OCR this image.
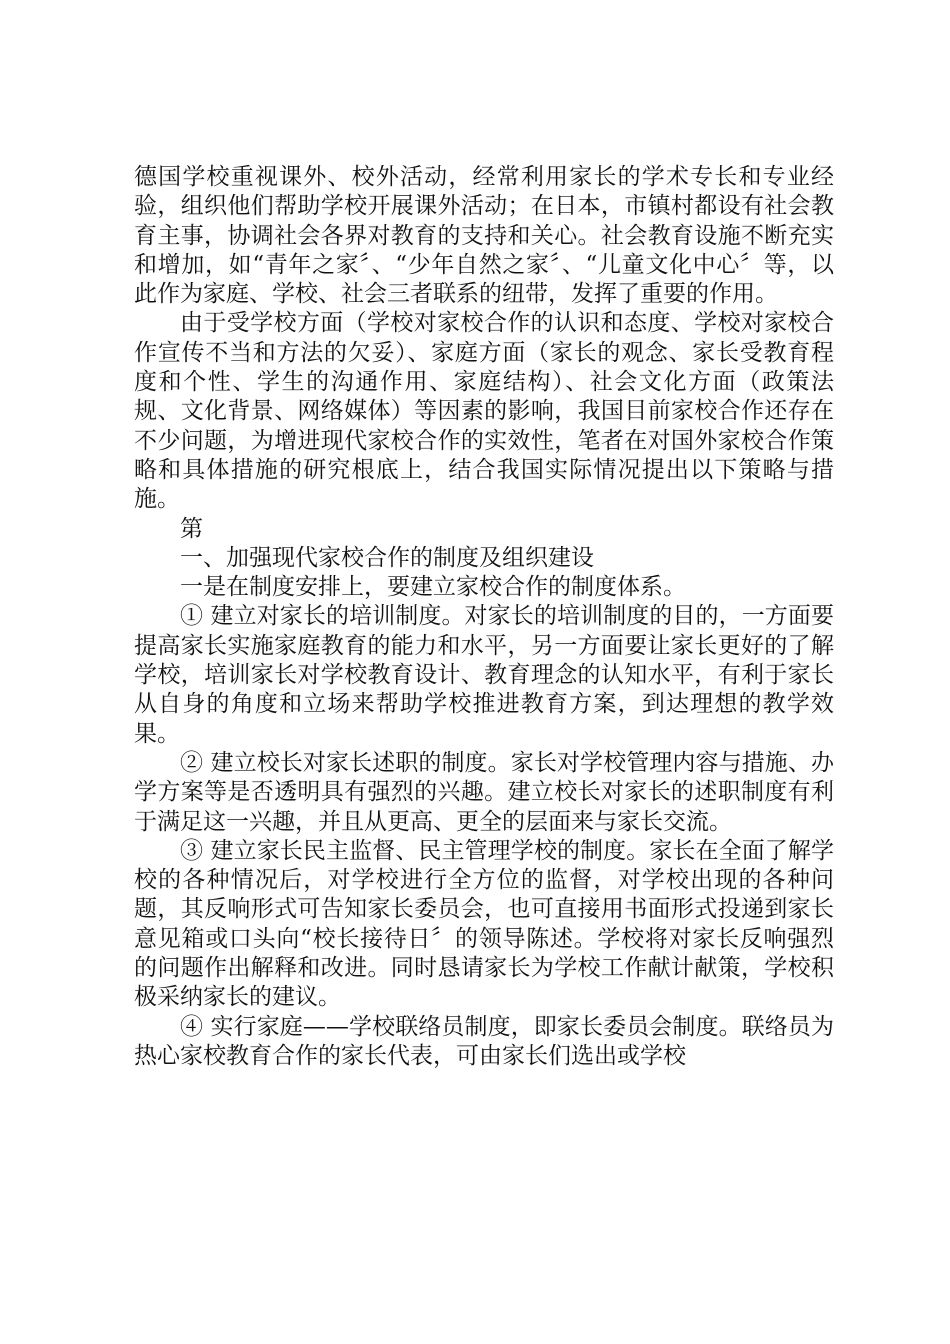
德国学校重视课外、校外活动，经常利用家长的学术专长和专业经验，组织他们帮助学校开展课外活动；在日本，市镇村都设有社会教育主事，协调社会各界对教育的支持和关心。社会教育设施不断充实和增加，如“青年之家〞、“少年自然之家〞、“儿童文化中心〞等，以此作为家庭、学校、社会三者联系的纽带，发挥了重要的作用。

由于受学校方面（学校对家校合作的认识和态度、学校对家校合作宣传不当和方法的欠妥）、家庭方面（家长的观念、家长受教育程度和个性、学生的沟通作用、家庭结构）、社会文化方面（政策法规、文化背景、网络媒体）等因素的影响，我国目前家校合作还存在不少问题，为增进现代家校合作的实效性，笔者在对国外家校合作策略和具体措施的研究根底上，结合我国实际情况提出以下策略与措施。

第

一、加强现代家校合作的制度及组织建设

一是在制度安排上，要建立家校合作的制度体系。

① 建立对家长的培训制度。对家长的培训制度的目的，一方面要提高家长实施家庭教育的能力和水平，另一方面要让家长更好的了解学校，培训家长对学校教育设计、教育理念的认知水平，有利于家长从自身的角度和立场来帮助学校推进教育方案，到达理想的教学效果。

② 建立校长对家长述职的制度。家长对学校管理内容与措施、办学方案等是否透明具有强烈的兴趣。建立校长对家长的述职制度有利于满足这一兴趣，并且从更高、更全的层面来与家长交流。

③ 建立家长民主监督、民主管理学校的制度。家长在全面了解学校的各种情况后，对学校进行全方位的监督，对学校出现的各种问题，其反响形式可告知家长委员会，也可直接用书面形式投递到家长意见箱或口头向“校长接待日〞的领导陈述。学校将对家长反响强烈的问题作出解释和改进。同时恳请家长为学校工作献计献策，学校积极采纳家长的建议。

④ 实行家庭——学校联络员制度，即家长委员会制度。联络员为热心家校教育合作的家长代表，可由家长们选出或学校
